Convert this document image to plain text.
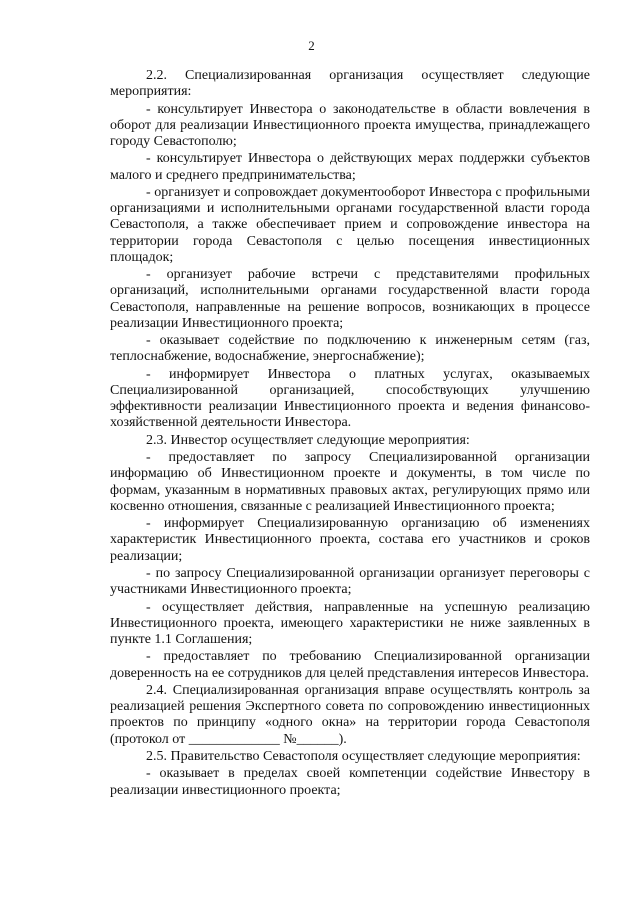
2

2.2. Специализированная организация осуществляет следующие мероприятия:

- консультирует Инвестора о законодательстве в области вовлечения в оборот для реализации Инвестиционного проекта имущества, принадлежащего городу Севастополю;

- консультирует Инвестора о действующих мерах поддержки субъектов малого и среднего предпринимательства;

- организует и сопровождает документооборот Инвестора с профильными организациями и исполнительными органами государственной власти города Севастополя, а также обеспечивает прием и сопровождение инвестора на территории города Севастополя с целью посещения инвестиционных площадок;

- организует рабочие встречи с представителями профильных организаций, исполнительными органами государственной власти города Севастополя, направленные на решение вопросов, возникающих в процессе реализации Инвестиционного проекта;

- оказывает содействие по подключению к инженерным сетям (газ, теплоснабжение, водоснабжение, энергоснабжение);

- информирует Инвестора о платных услугах, оказываемых Специализированной организацией, способствующих улучшению эффективности реализации Инвестиционного проекта и ведения финансово-хозяйственной деятельности Инвестора.

2.3. Инвестор осуществляет следующие мероприятия:

- предоставляет по запросу Специализированной организации информацию об Инвестиционном проекте и документы, в том числе по формам, указанным в нормативных правовых актах, регулирующих прямо или косвенно отношения, связанные с реализацией Инвестиционного проекта;

- информирует Специализированную организацию об изменениях характеристик Инвестиционного проекта, состава его участников и сроков реализации;

- по запросу Специализированной организации организует переговоры с участниками Инвестиционного проекта;

- осуществляет действия, направленные на успешную реализацию Инвестиционного проекта, имеющего характеристики не ниже заявленных в пункте 1.1 Соглашения;

- предоставляет по требованию Специализированной организации доверенность на ее сотрудников для целей представления интересов Инвестора.

2.4. Специализированная организация вправе осуществлять контроль за реализацией решения Экспертного совета по сопровождению инвестиционных проектов по принципу «одного окна» на территории города Севастополя (протокол от _____________ №______).

2.5. Правительство Севастополя осуществляет следующие мероприятия:

- оказывает в пределах своей компетенции содействие Инвестору в реализации инвестиционного проекта;
